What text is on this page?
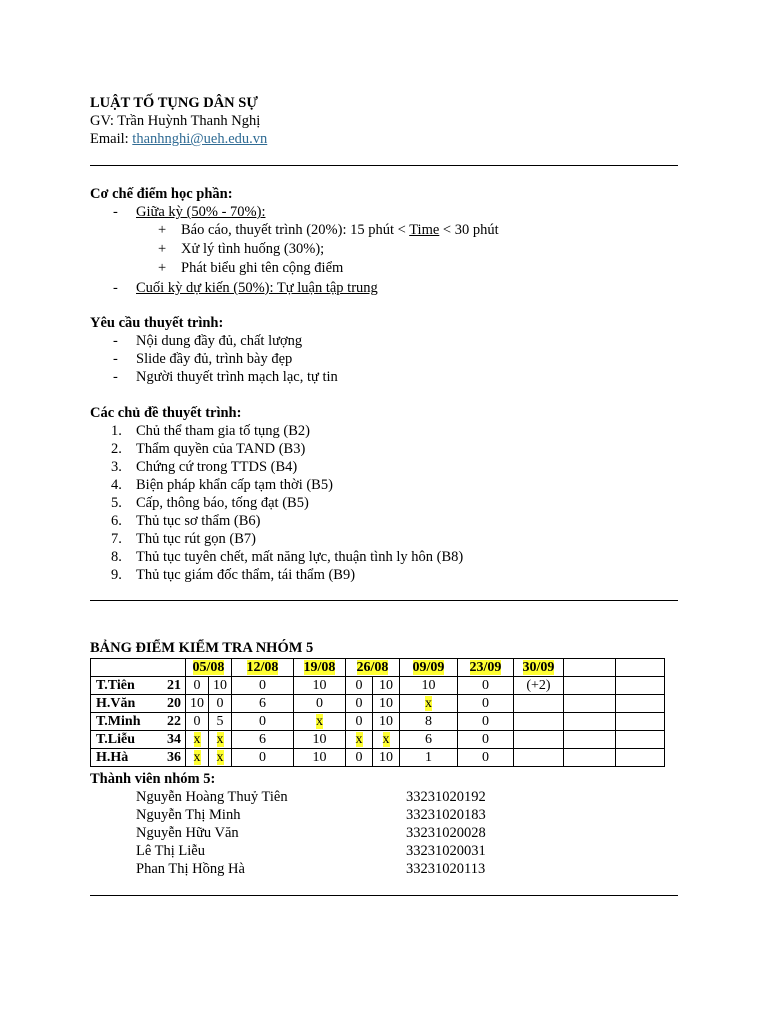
LUẬT TỐ TỤNG DÂN SỰ
GV: Trần Huỳnh Thanh Nghị
Email: thanhnghi@ueh.edu.vn
Cơ chế điểm học phần:
- Giữa kỳ (50% - 70%):
+ Báo cáo, thuyết trình (20%): 15 phút < Time < 30 phút
+ Xử lý tình huống (30%);
+ Phát biểu ghi tên cộng điểm
- Cuối kỳ dự kiến (50%): Tự luận tập trung
Yêu cầu thuyết trình:
- Nội dung đầy đủ, chất lượng
- Slide đầy đủ, trình bày đẹp
- Người thuyết trình mạch lạc, tự tin
Các chủ đề thuyết trình:
1. Chủ thể tham gia tố tụng (B2)
2. Thẩm quyền của TAND (B3)
3. Chứng cứ trong TTDS (B4)
4. Biện pháp khẩn cấp tạm thời (B5)
5. Cấp, thông báo, tống đạt (B5)
6. Thủ tục sơ thẩm (B6)
7. Thủ tục rút gọn (B7)
8. Thủ tục tuyên chết, mất năng lực, thuận tình ly hôn (B8)
9. Thủ tục giám đốc thẩm, tái thẩm (B9)
BẢNG ĐIỂM KIỂM TRA NHÓM 5
	05/08		12/08	19/08	26/08		09/09	23/09	30/09		
T.Tiên 21	0	10	0	10	0	10	10	0	(+2)		
H.Văn 20	10	0	6	0	0	10	x	0			
T.Minh 22	0	5	0	x	0	10	8	0			
T.Liễu 34	x	x	6	10	x	x	6	0			
H.Hà 36	x	x	0	10	0	10	1	0			
Thành viên nhóm 5:
Nguyễn Hoàng Thuỷ Tiên	33231020192
Nguyễn Thị Minh	33231020183
Nguyễn Hữu Văn	33231020028
Lê Thị Liễu	33231020031
Phan Thị Hồng Hà	33231020113
